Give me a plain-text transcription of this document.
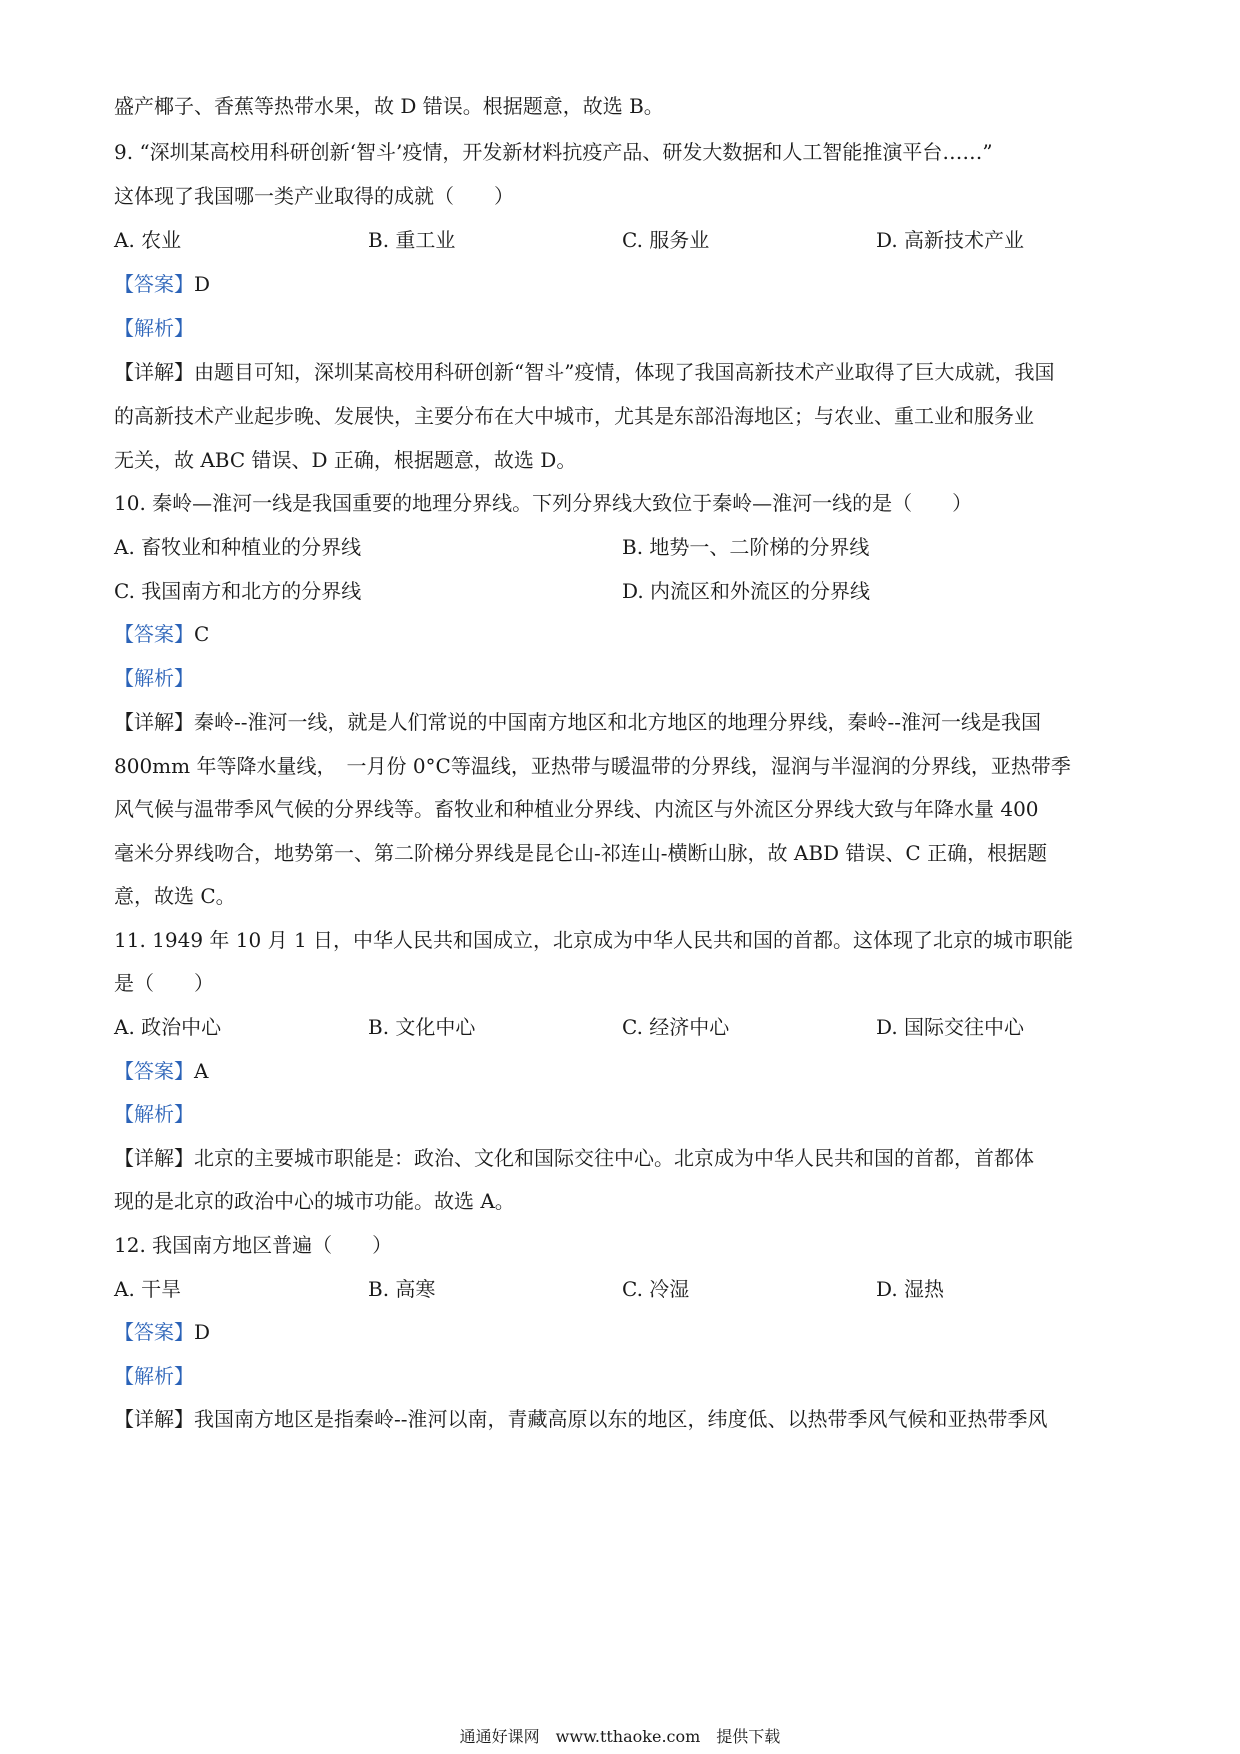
盛产椰子、香蕉等热带水果，故 D 错误。根据题意，故选 B。
9. “深圳某高校用科研创新‘智斗’疫情，开发新材料抗疫产品、研发大数据和人工智能推演平台……”
这体现了我国哪一类产业取得的成就（　　）
A. 农业	B. 重工业	C. 服务业	D. 高新技术产业
【答案】D
【解析】
【详解】由题目可知，深圳某高校用科研创新“智斗”疫情，体现了我国高新技术产业取得了巨大成就，我国
的高新技术产业起步晚、发展快，主要分布在大中城市，尤其是东部沿海地区；与农业、重工业和服务业
无关，故 ABC 错误、D 正确，根据题意，故选 D。
10. 秦岭—淮河一线是我国重要的地理分界线。下列分界线大致位于秦岭—淮河一线的是（　　）
A. 畜牧业和种植业的分界线	B. 地势一、二阶梯的分界线
C. 我国南方和北方的分界线	D. 内流区和外流区的分界线
【答案】C
【解析】
【详解】秦岭--淮河一线，就是人们常说的中国南方地区和北方地区的地理分界线，秦岭--淮河一线是我国
800mm 年等降水量线，　一月份 0°C等温线，亚热带与暖温带的分界线，湿润与半湿润的分界线，亚热带季
风气候与温带季风气候的分界线等。畜牧业和种植业分界线、内流区与外流区分界线大致与年降水量 400
毫米分界线吻合，地势第一、第二阶梯分界线是昆仑山-祁连山-横断山脉，故 ABD 错误、C 正确，根据题
意，故选 C。
11. 1949 年 10 月 1 日，中华人民共和国成立，北京成为中华人民共和国的首都。这体现了北京的城市职能
是（　　）
A. 政治中心	B. 文化中心	C. 经济中心	D. 国际交往中心
【答案】A
【解析】
【详解】北京的主要城市职能是：政治、文化和国际交往中心。北京成为中华人民共和国的首都，首都体
现的是北京的政治中心的城市功能。故选 A。
12. 我国南方地区普遍（　　）
A. 干旱	B. 高寒	C. 冷湿	D. 湿热
【答案】D
【解析】
【详解】我国南方地区是指秦岭--淮河以南，青藏高原以东的地区，纬度低、以热带季风气候和亚热带季风
通通好课网　www.tthaoke.com　提供下载
